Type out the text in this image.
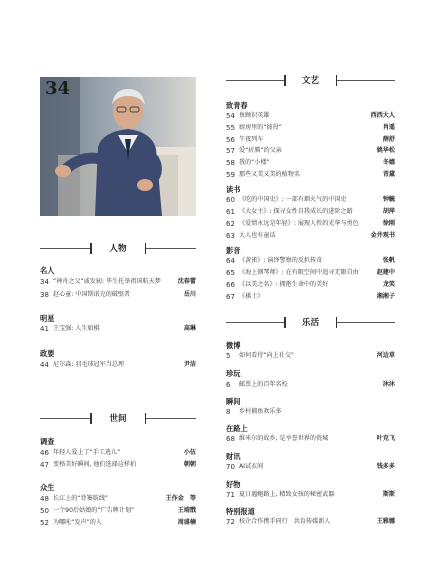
34
人物
名人
34 “神舟之父”戚发轫: 毕生托举祖国航天梦	沈春蕾
38 赵心童: 中国斯诺克的破壁者	岳川
明星
41 王宝强: 人生如棋	高琳
政要
44 尼尔森: 羽毛球冠军当总理	尹洁
世间
调查
46 年轻人爱上了“手工逃儿”	小伍
47 变格美好瞬间, 他们选择这样拍	朝朝
众生
48 长江上的“背篓航线”	王作金　等
50 一个90后姑娘的“广告牌计划”	王靖戬
52 为哪吒“发声”的人	周盛楠
文艺
致青春
54 鱼顾识英雄	西西大人
55 厨房里的“彼役”	肖遥
56 午夜列车	薛舒
57 爱“折腾”的父亲	姚华松
58 我的“小楼”	冬嬉
59 那些又美又美的植物名	青黛
读书
60 《吃的中国史》: 一部有烟火气的中国史	钟毓
61 《大女主》: 探寻女性自我成长的进阶之路	胡萍
62 《爱情永远是年轻》: 展现人性的光华与勇色	徐刚
63 大人也有童话	金井观书
影音
64 《黄雀》: 演绎警察的反扒传奇	张帆
65 《海上钢琴师》: 在有限空间中追寻无限自由	赵建中
66 《以美之名》: 拥抱生命中的美好	龙笑
67 《棋士》	湘湘子
乐活
微博
5	如何看待“向上社交”	河边草
珍玩
6	邮票上的百年名校	沐沐
瞬间
8	乡村捕鱼欢乐多
在路上
68 维米尔的故乡, 是享誉世界的瓷城	叶克飞
财讯
70 AI试衣间	钱多多
好物
71 夏日遇鲍路上, 精致女孩的秘密武器	斯斯
特别报道
72 校企合作携手同行　共育传媒新人	王雅娜
